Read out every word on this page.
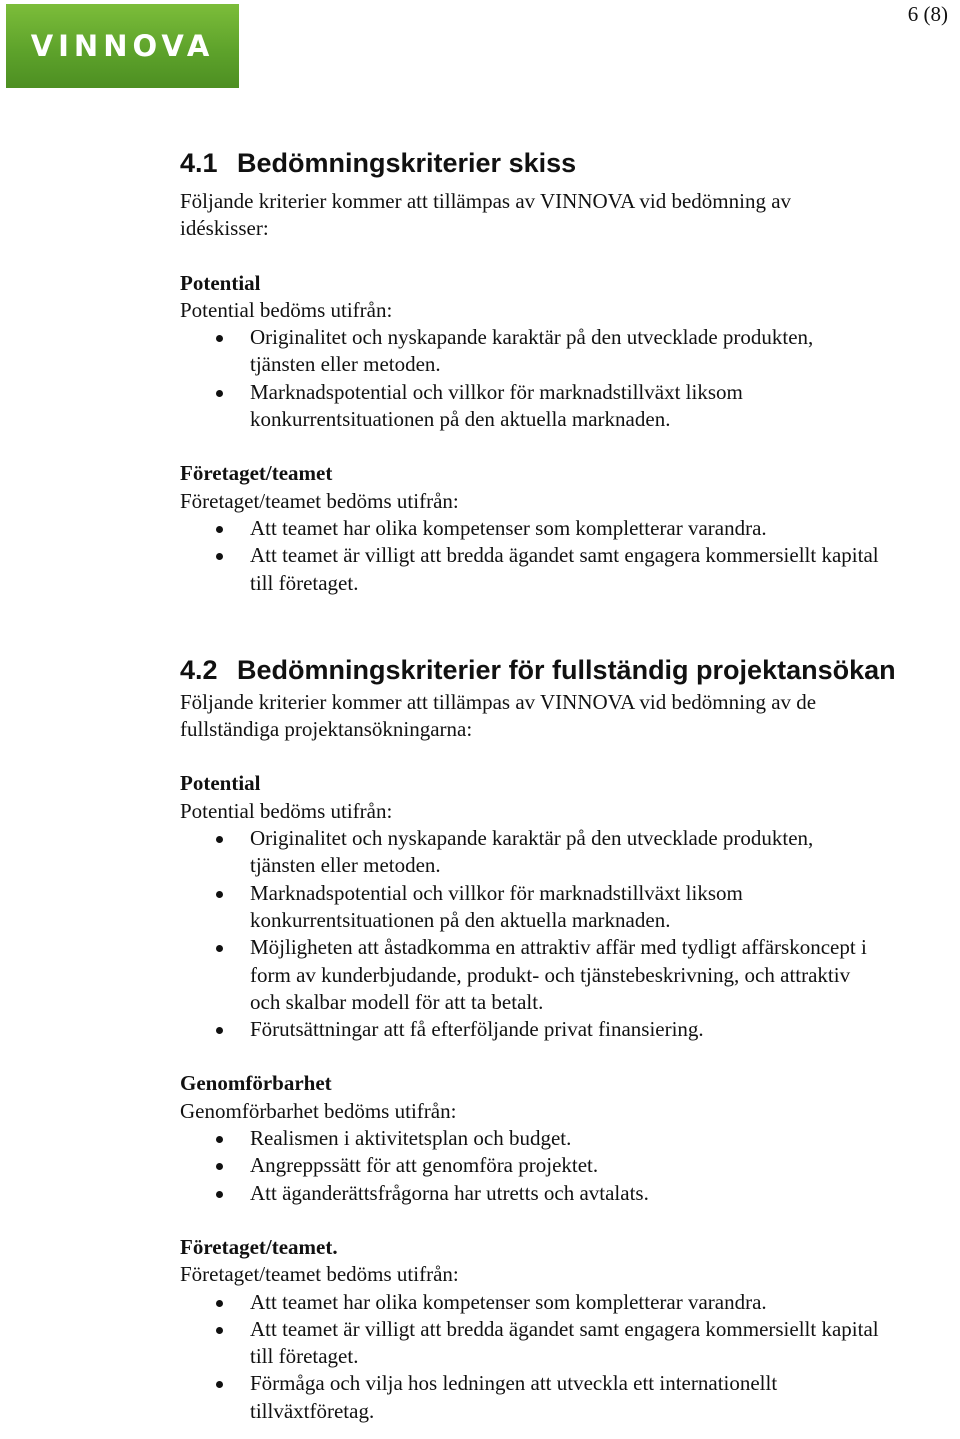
VINNOVA
6 (8)
4.1 Bedömningskriterier skiss

Följande kriterier kommer att tillämpas av VINNOVA vid bedömning av
idéskisser:

Potential

Potential bedöms utifrån:

Originalitet och nyskapande karaktär på den utvecklade produkten,
tjänsten eller metoden.
Marknadspotential och villkor för marknadstillväxt liksom
konkurrentsituationen på den aktuella marknaden.

Företaget/teamet

Företaget/teamet bedöms utifrån:

Att teamet har olika kompetenser som kompletterar varandra.
Att teamet är villigt att bredda ägandet samt engagera kommersiellt kapital
till företaget.
4.2 Bedömningskriterier för fullständig projektansökan

Följande kriterier kommer att tillämpas av VINNOVA vid bedömning av de
fullständiga projektansökningarna:

Potential

Potential bedöms utifrån:

Originalitet och nyskapande karaktär på den utvecklade produkten,
tjänsten eller metoden.
Marknadspotential och villkor för marknadstillväxt liksom
konkurrentsituationen på den aktuella marknaden.
Möjligheten att åstadkomma en attraktiv affär med tydligt affärskoncept i
form av kunderbjudande, produkt- och tjänstebeskrivning, och attraktiv
och skalbar modell för att ta betalt.
Förutsättningar att få efterföljande privat finansiering.

Genomförbarhet

Genomförbarhet bedöms utifrån:

Realismen i aktivitetsplan och budget.
Angreppssätt för att genomföra projektet.
Att äganderättsfrågorna har utretts och avtalats.

Företaget/teamet.

Företaget/teamet bedöms utifrån:

Att teamet har olika kompetenser som kompletterar varandra.
Att teamet är villigt att bredda ägandet samt engagera kommersiellt kapital
till företaget.
Förmåga och vilja hos ledningen att utveckla ett internationellt
tillväxtföretag.
